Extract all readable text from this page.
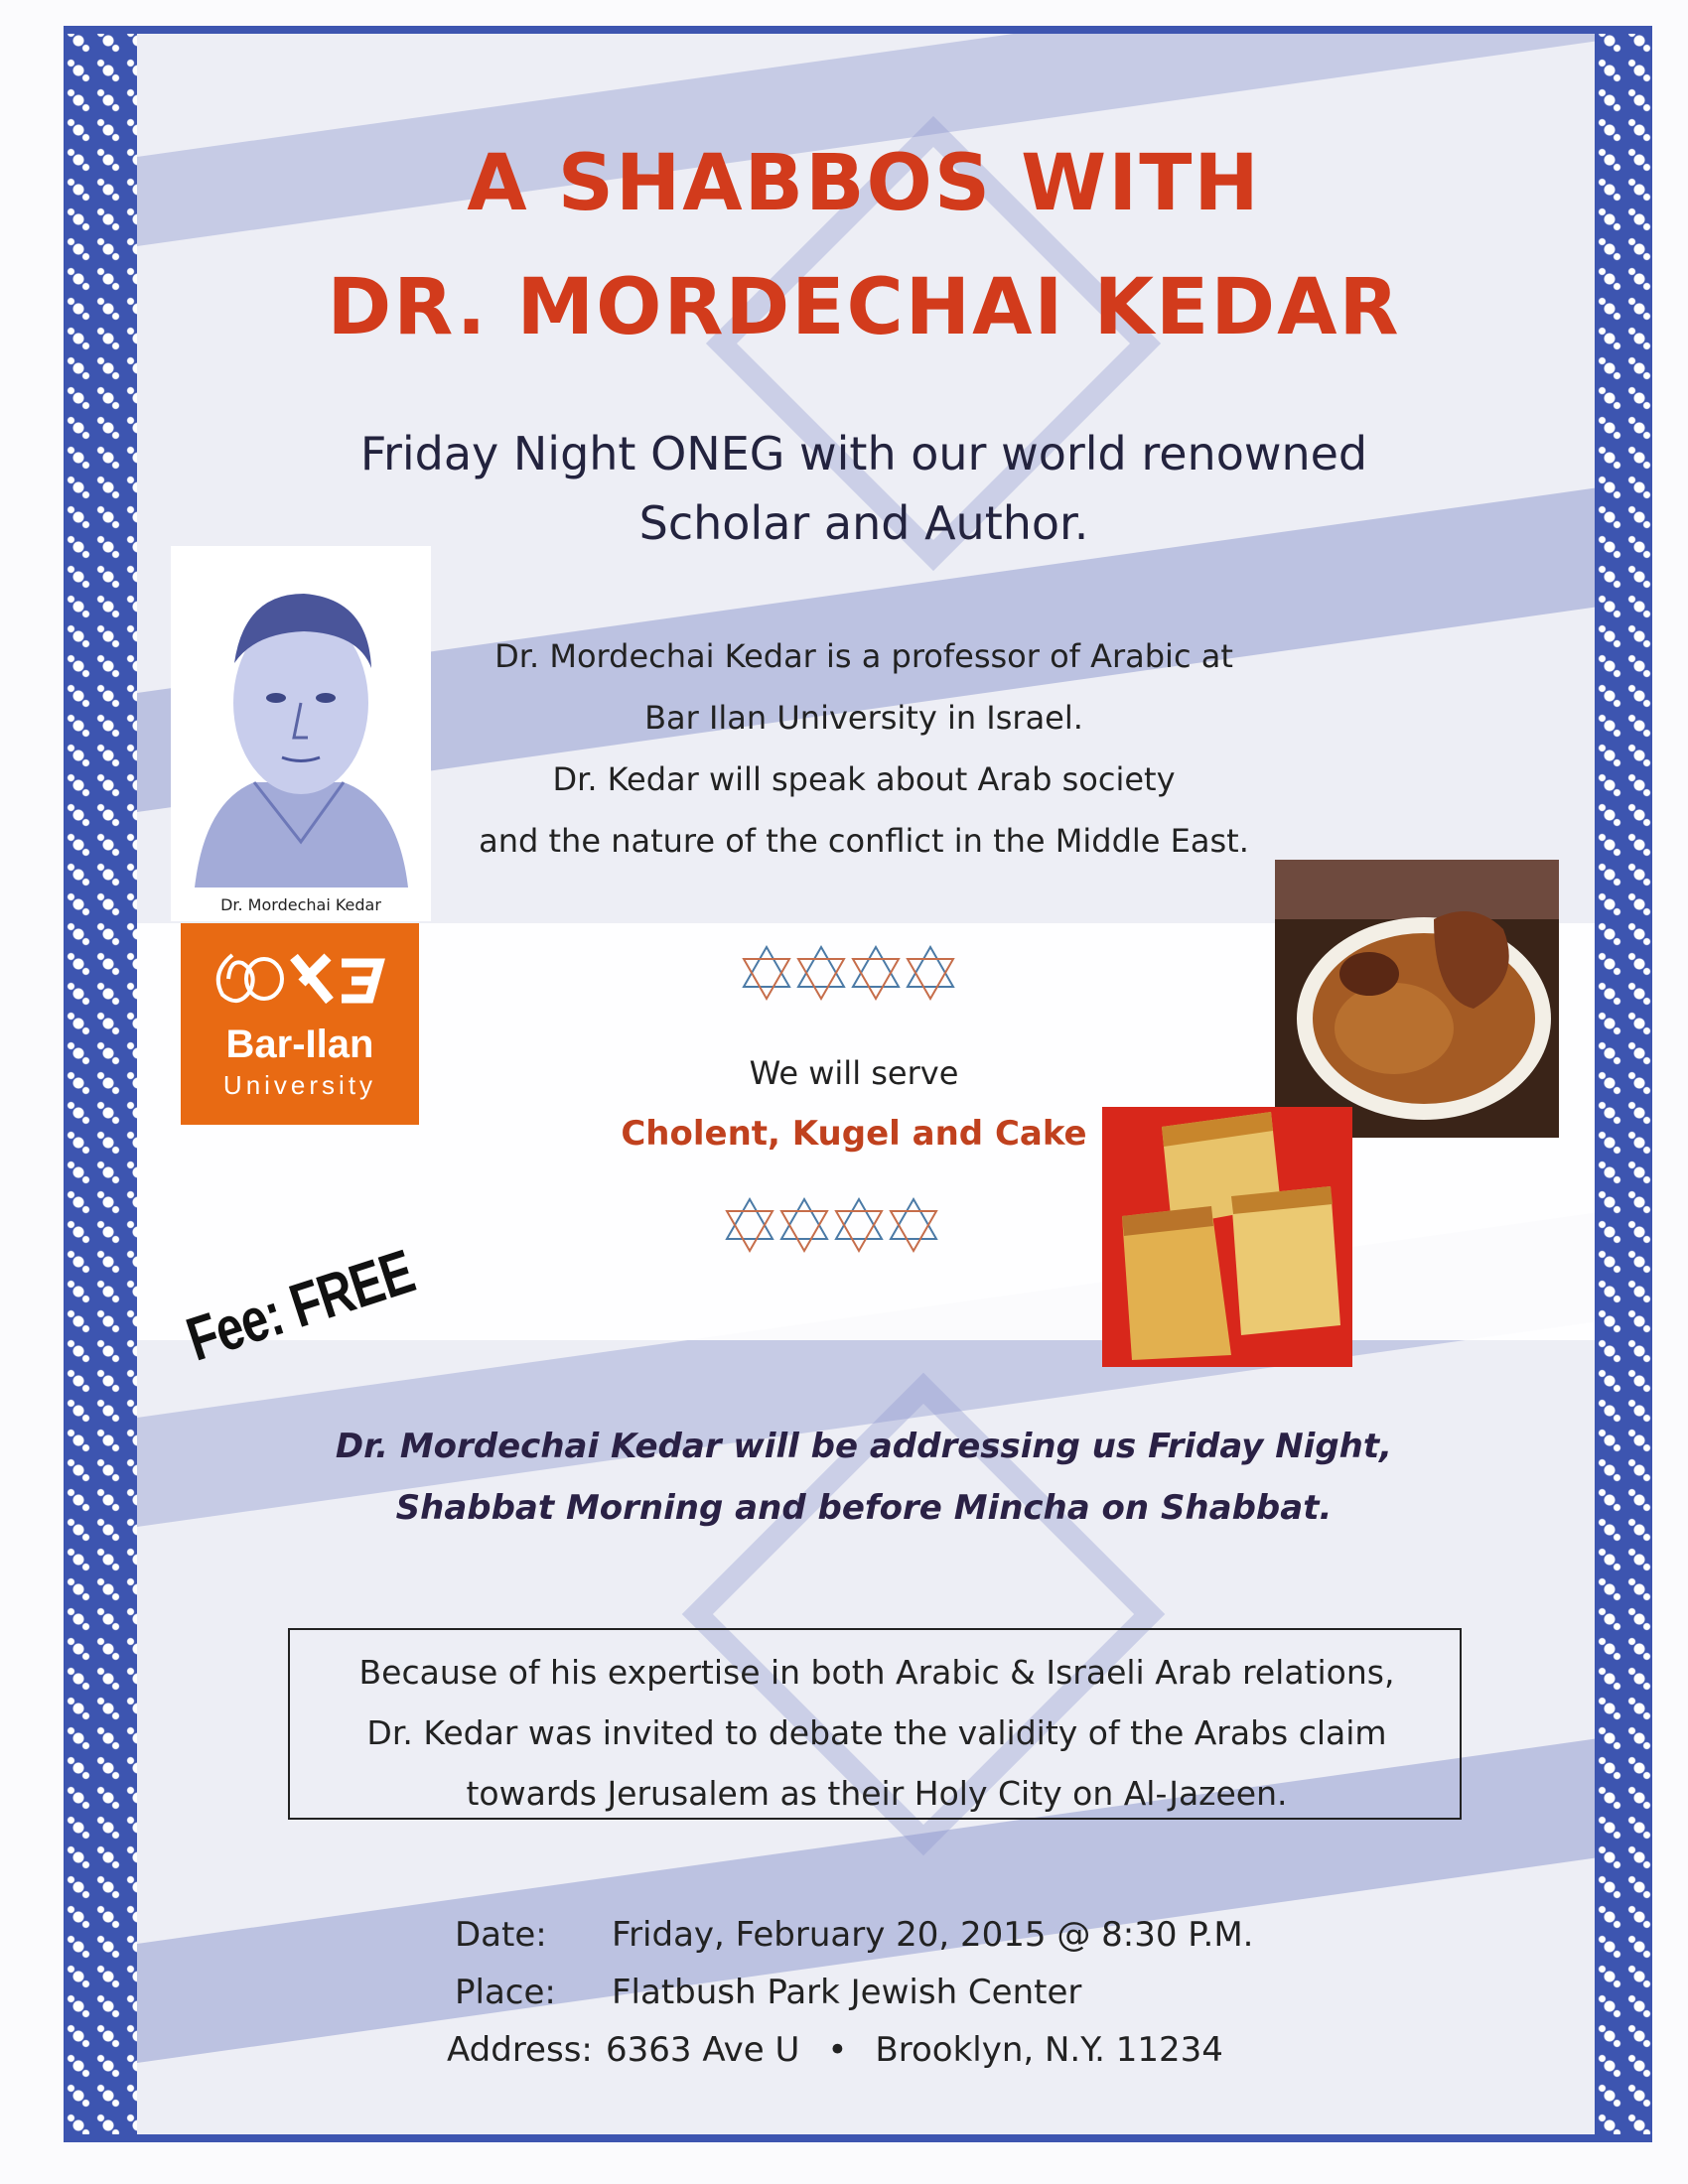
A SHABBOS WITH
DR. MORDECHAI KEDAR
Friday Night ONEG with our world renowned
Scholar and Author.
Dr. Mordechai Kedar
Dr. Mordechai Kedar is a professor of Arabic at
Bar Ilan University in Israel.
Dr. Kedar will speak about Arab society
and the nature of the conflict in the Middle East.
Bar-Ilan
University	We will serve
Cholent, Kugel and Cake
Fee: FREE
Dr. Mordechai Kedar will be addressing us Friday Night,
Shabbat Morning and before Mincha on Shabbat.
Because of his expertise in both Arabic & Israeli Arab relations,
Dr. Kedar was invited to debate the validity of the Arabs claim
towards Jerusalem as their Holy City on Al-Jazeen.
Date: Friday, February 20, 2015 @ 8:30 P.M.
Place: Flatbush Park Jewish Center
Address: 6363 Ave U • Brooklyn, N.Y. 11234
